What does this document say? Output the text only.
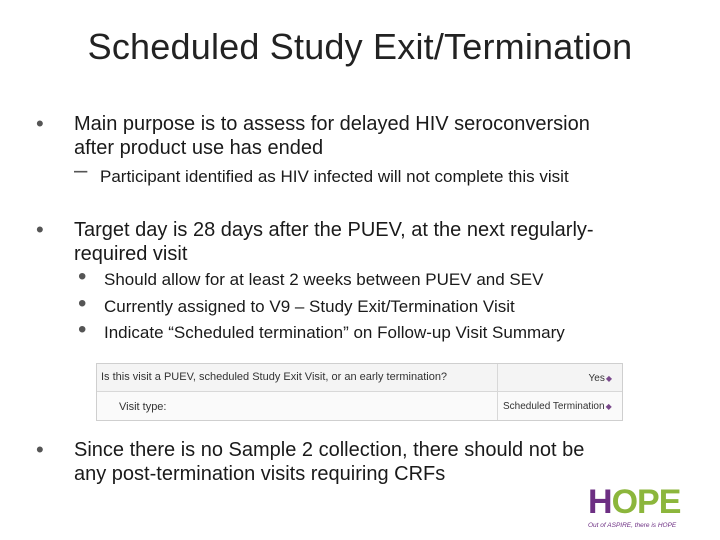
Scheduled Study Exit/Termination
• Main purpose is to assess for delayed HIV seroconversion
after product use has ended
– Participant identified as HIV infected will not complete this visit
• Target day is 28 days after the PUEV, at the next regularly-
required visit
• Should allow for at least 2 weeks between PUEV and SEV
• Currently assigned to V9 – Study Exit/Termination Visit
• Indicate “Scheduled termination” on Follow-up Visit Summary
Is this visit a PUEV, scheduled Study Exit Visit, or an early termination?	Yes◆
Visit type:	Scheduled Termination◆
• Since there is no Sample 2 collection, there should not be
any post-termination visits requiring CRFs
HOPE
Out of ASPIRE, there is HOPE
